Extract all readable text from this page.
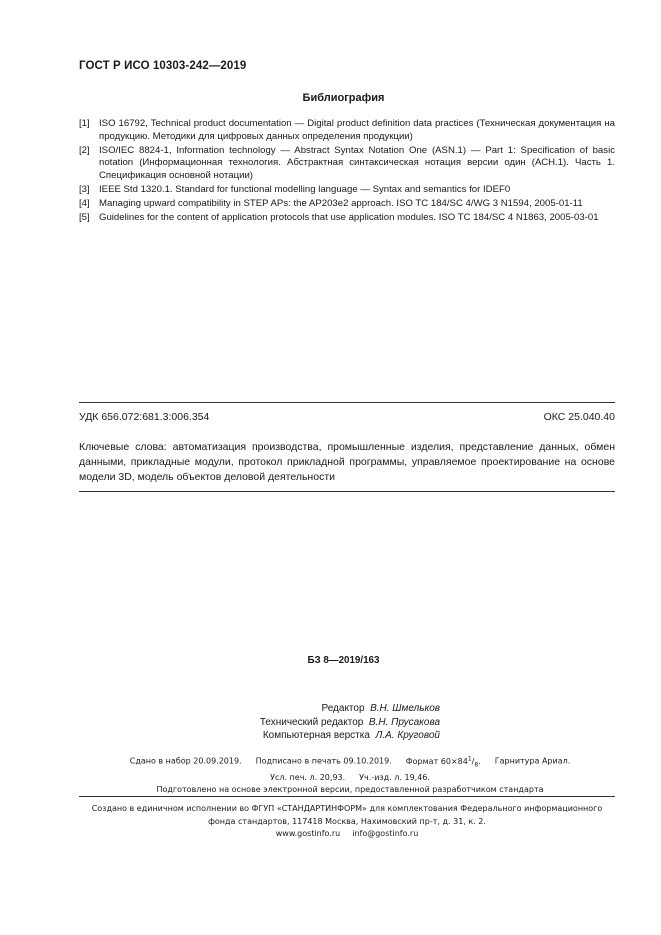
ГОСТ Р ИСО 10303-242—2019
Библиография
[1] ISO 16792, Technical product documentation — Digital product definition data practices (Техническая документация на продукцию. Методики для цифровых данных определения продукции)
[2] ISO/IEC 8824-1, Information technology — Abstract Syntax Notation One (ASN.1) — Part 1: Specification of basic notation (Информационная технология. Абстрактная синтаксическая нотация версии один (АСН.1). Часть 1. Спецификация основной нотации)
[3] IEEE Std 1320.1. Standard for functional modelling language — Syntax and semantics for IDEF0
[4] Managing upward compatibility in STEP APs: the AP203e2 approach. ISO TC 184/SC 4/WG 3 N1594, 2005-01-11
[5] Guidelines for the content of application protocols that use application modules. ISO TC 184/SC 4 N1863, 2005-03-01
УДК 656.072:681.3:006.354	ОКС 25.040.40
Ключевые слова: автоматизация производства, промышленные изделия, представление данных, обмен данными, прикладные модули, протокол прикладной программы, управляемое проектирование на основе модели 3D, модель объектов деловой деятельности
БЗ 8—2019/163
Редактор В.Н. Шмельков
Технический редактор В.Н. Прусакова
Компьютерная верстка Л.А. Круговой
Сдано в набор 20.09.2019. Подписано в печать 09.10.2019. Формат $60\times 84^1/_8$. Гарнитура Ариал.
Усл. печ. л. 20,93. Уч.-изд. л. 19,46.
Подготовлено на основе электронной версии, предоставленной разработчиком стандарта
Создано в единичном исполнении во ФГУП «СТАНДАРТИНФОРМ» для комплектования Федерального информационного
фонда стандартов, 117418 Москва, Нахимовский пр-т, д. 31, к. 2.
www.gostinfo.ru info@gostinfo.ru
